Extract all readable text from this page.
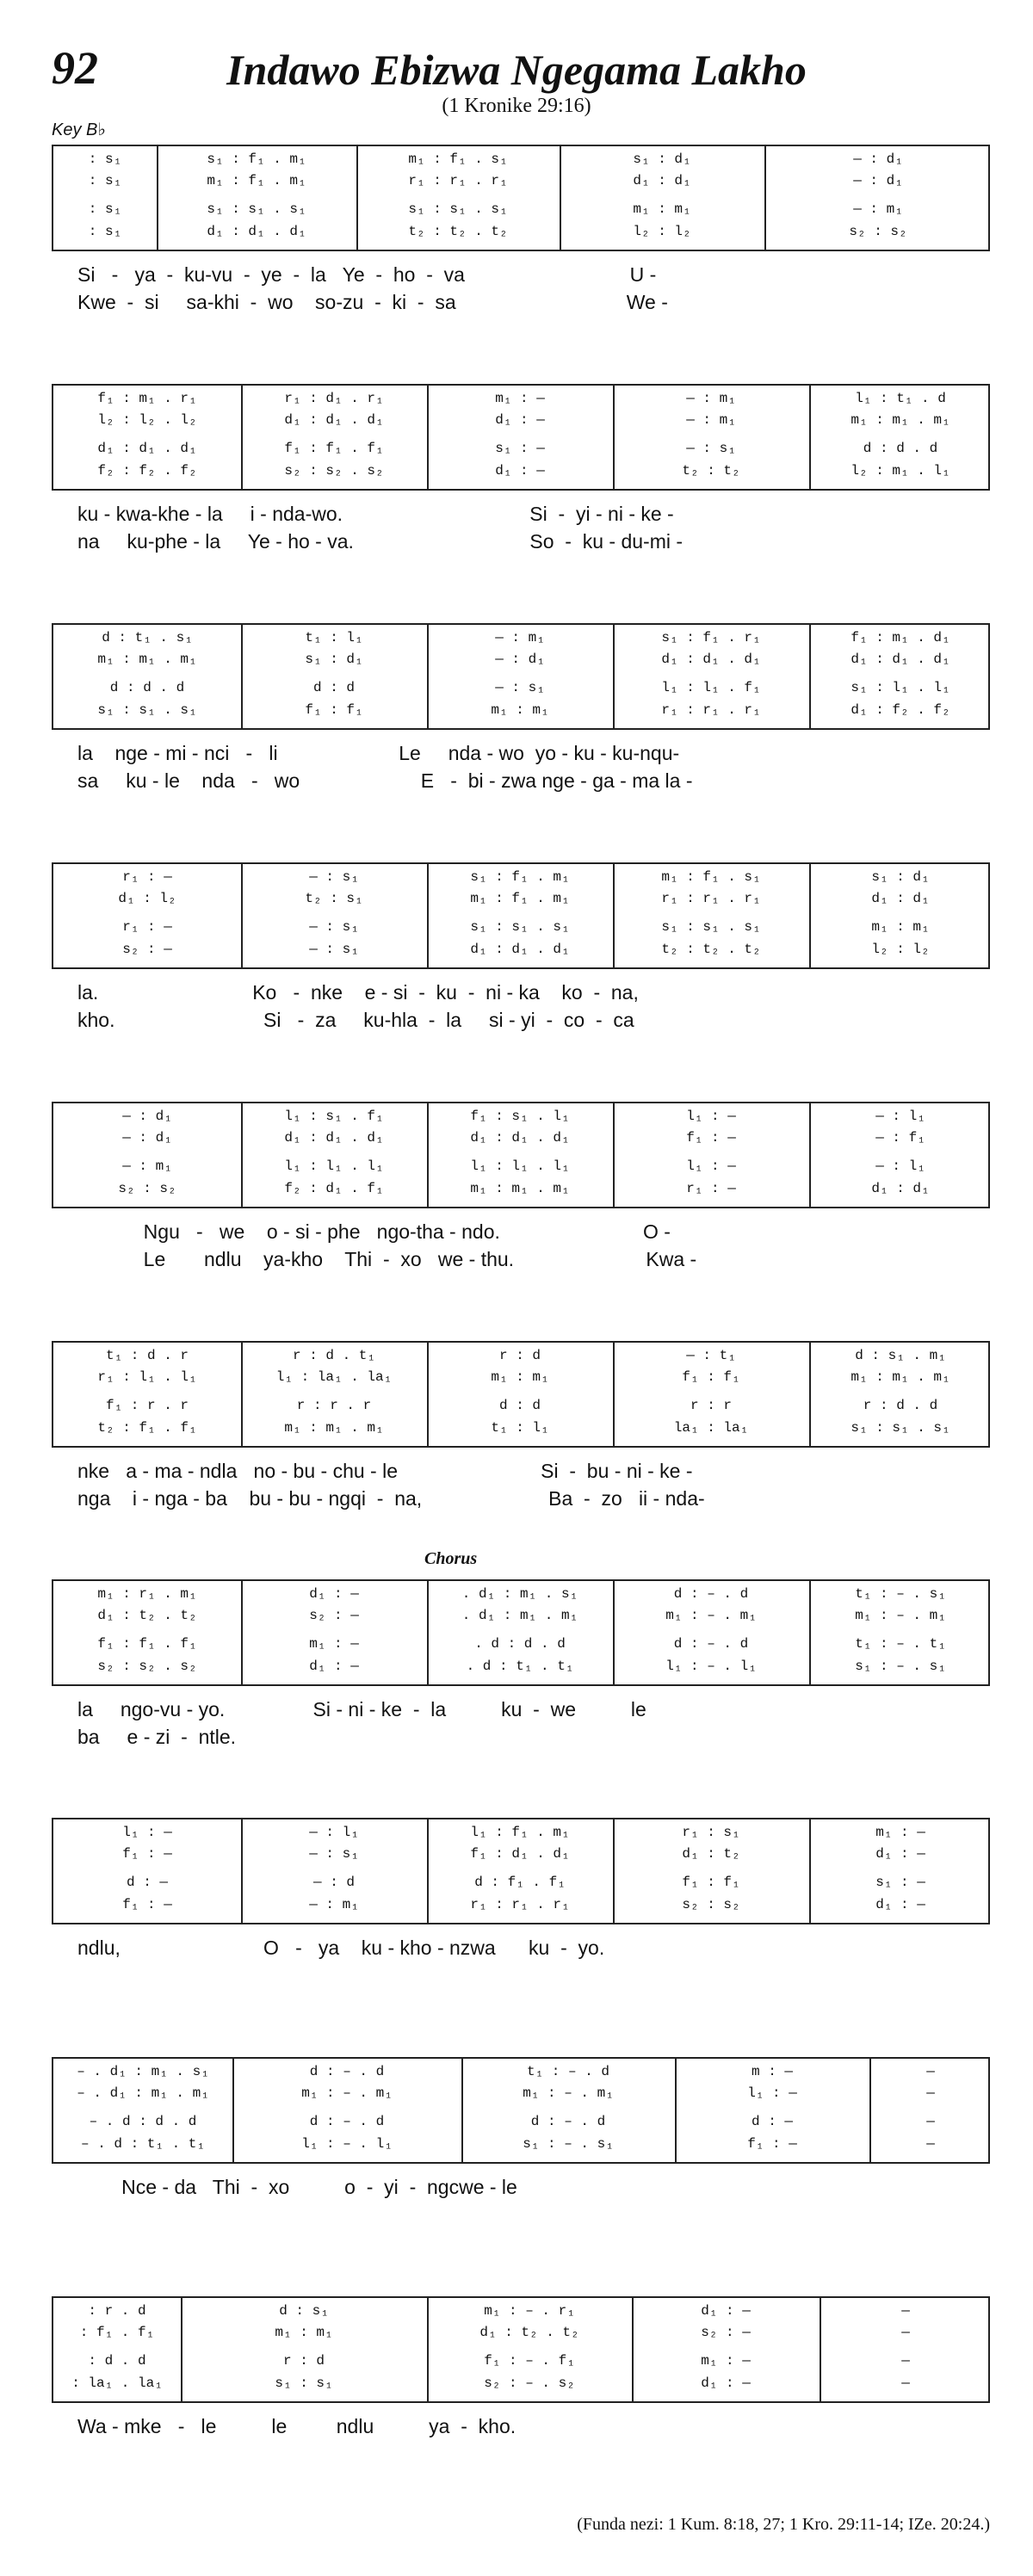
92	Indawo Ebizwa Ngegama Lakho
(1 Kronike 29:16)
Key B♭
Chorus
: s₁
: s₁
: s₁
: s₁
s₁ : f₁ . m₁
m₁ : f₁ . m₁
s₁ : s₁ . s₁
d₁ : d₁ . d₁
m₁ : f₁ . s₁
r₁ : r₁ . r₁
s₁ : s₁ . s₁
t₂ : t₂ . t₂
s₁ : d₁
d₁ : d₁
m₁ : m₁
l₂ : l₂
— : d₁
— : d₁
— : m₁
s₂ : s₂
Si   -   ya  -  ku-vu  -  ye  -  la   Ye  -  ho  -  va                              U -
Kwe  -  si     sa-khi  -  wo    so-zu  -  ki  -  sa                               We -
f₁ : m₁ . r₁
l₂ : l₂ . l₂
d₁ : d₁ . d₁
f₂ : f₂ . f₂
r₁ : d₁ . r₁
d₁ : d₁ . d₁
f₁ : f₁ . f₁
s₂ : s₂ . s₂
m₁ : —
d₁ : —
s₁ : —
d₁ : —
— : m₁
— : m₁
— : s₁
t₂ : t₂
l₁ : t₁ . d
m₁ : m₁ . m₁
d : d . d
l₂ : m₁ . l₁
ku - kwa-khe - la     i - nda-wo.                                  Si  -  yi - ni - ke -
na     ku-phe - la     Ye - ho - va.                                So  -  ku - du-mi -
d : t₁ . s₁
m₁ : m₁ . m₁
d : d . d
s₁ : s₁ . s₁
t₁ : l₁
s₁ : d₁
d : d
f₁ : f₁
— : m₁
— : d₁
— : s₁
m₁ : m₁
s₁ : f₁ . r₁
d₁ : d₁ . d₁
l₁ : l₁ . f₁
r₁ : r₁ . r₁
f₁ : m₁ . d₁
d₁ : d₁ . d₁
s₁ : l₁ . l₁
d₁ : f₂ . f₂
la    nge - mi - nci   -   li                      Le     nda - wo  yo - ku - ku-nqu-
sa     ku - le    nda   -   wo                      E   -  bi - zwa nge - ga - ma la -
r₁ : —
d₁ : l₂
r₁ : —
s₂ : —
— : s₁
t₂ : s₁
— : s₁
— : s₁
s₁ : f₁ . m₁
m₁ : f₁ . m₁
s₁ : s₁ . s₁
d₁ : d₁ . d₁
m₁ : f₁ . s₁
r₁ : r₁ . r₁
s₁ : s₁ . s₁
t₂ : t₂ . t₂
s₁ : d₁
d₁ : d₁
m₁ : m₁
l₂ : l₂
la.                            Ko   -  nke    e - si  -  ku  -  ni - ka    ko  -  na,
kho.                           Si   -  za     ku-hla  -  la     si - yi  -  co  -  ca
— : d₁
— : d₁
— : m₁
s₂ : s₂
l₁ : s₁ . f₁
d₁ : d₁ . d₁
l₁ : l₁ . l₁
f₂ : d₁ . f₁
f₁ : s₁ . l₁
d₁ : d₁ . d₁
l₁ : l₁ . l₁
m₁ : m₁ . m₁
l₁ : —
f₁ : —
l₁ : —
r₁ : —
— : l₁
— : f₁
— : l₁
d₁ : d₁
Ngu   -   we    o - si - phe   ngo-tha - ndo.                          O -
Le       ndlu    ya-kho    Thi  -  xo   we - thu.                        Kwa -
t₁ : d . r
r₁ : l₁ . l₁
f₁ : r . r
t₂ : f₁ . f₁
r : d . t₁
l₁ : la₁ . la₁
r : r . r
m₁ : m₁ . m₁
r : d
m₁ : m₁
d : d
t₁ : l₁
— : t₁
f₁ : f₁
r : r
la₁ : la₁
d : s₁ . m₁
m₁ : m₁ . m₁
r : d . d
s₁ : s₁ . s₁
nke   a - ma - ndla   no - bu - chu - le                          Si  -  bu - ni - ke -
nga    i - nga - ba    bu - bu - ngqi  -  na,                       Ba  -  zo   ii - nda-
m₁ : r₁ . m₁
d₁ : t₂ . t₂
f₁ : f₁ . f₁
s₂ : s₂ . s₂
d₁ : —
s₂ : —
m₁ : —
d₁ : —
. d₁ : m₁ . s₁
. d₁ : m₁ . m₁
. d : d . d
. d : t₁ . t₁
d : – . d
m₁ : – . m₁
d : – . d
l₁ : – . l₁
t₁ : – . s₁
m₁ : – . m₁
t₁ : – . t₁
s₁ : – . s₁
la     ngo-vu - yo.                Si - ni - ke  -  la          ku  -  we          le
ba     e - zi  -  ntle.
l₁ : —
f₁ : —
d : —
f₁ : —
— : l₁
— : s₁
— : d
— : m₁
l₁ : f₁ . m₁
f₁ : d₁ . d₁
d : f₁ . f₁
r₁ : r₁ . r₁
r₁ : s₁
d₁ : t₂
f₁ : f₁
s₂ : s₂
m₁ : —
d₁ : —
s₁ : —
d₁ : —
ndlu,                          O   -   ya    ku - kho - nzwa      ku  -  yo.
– . d₁ : m₁ . s₁
– . d₁ : m₁ . m₁
– . d : d . d
– . d : t₁ . t₁
d : – . d
m₁ : – . m₁
d : – . d
l₁ : – . l₁
t₁ : – . d
m₁ : – . m₁
d : – . d
s₁ : – . s₁
m : —
l₁ : —
d : —
f₁ : —
—
—
—
—
Nce - da   Thi  -  xo          o  -  yi  -  ngcwe - le
: r . d
: f₁ . f₁
: d . d
: la₁ . la₁
d : s₁
m₁ : m₁
r : d
s₁ : s₁
m₁ : – . r₁
d₁ : t₂ . t₂
f₁ : – . f₁
s₂ : – . s₂
d₁ : —
s₂ : —
m₁ : —
d₁ : —
—
—
—
—
Wa - mke   -   le          le         ndlu          ya  -  kho.
(Funda nezi: 1 Kum. 8:18, 27; 1 Kro. 29:11-14; IZe. 20:24.)
